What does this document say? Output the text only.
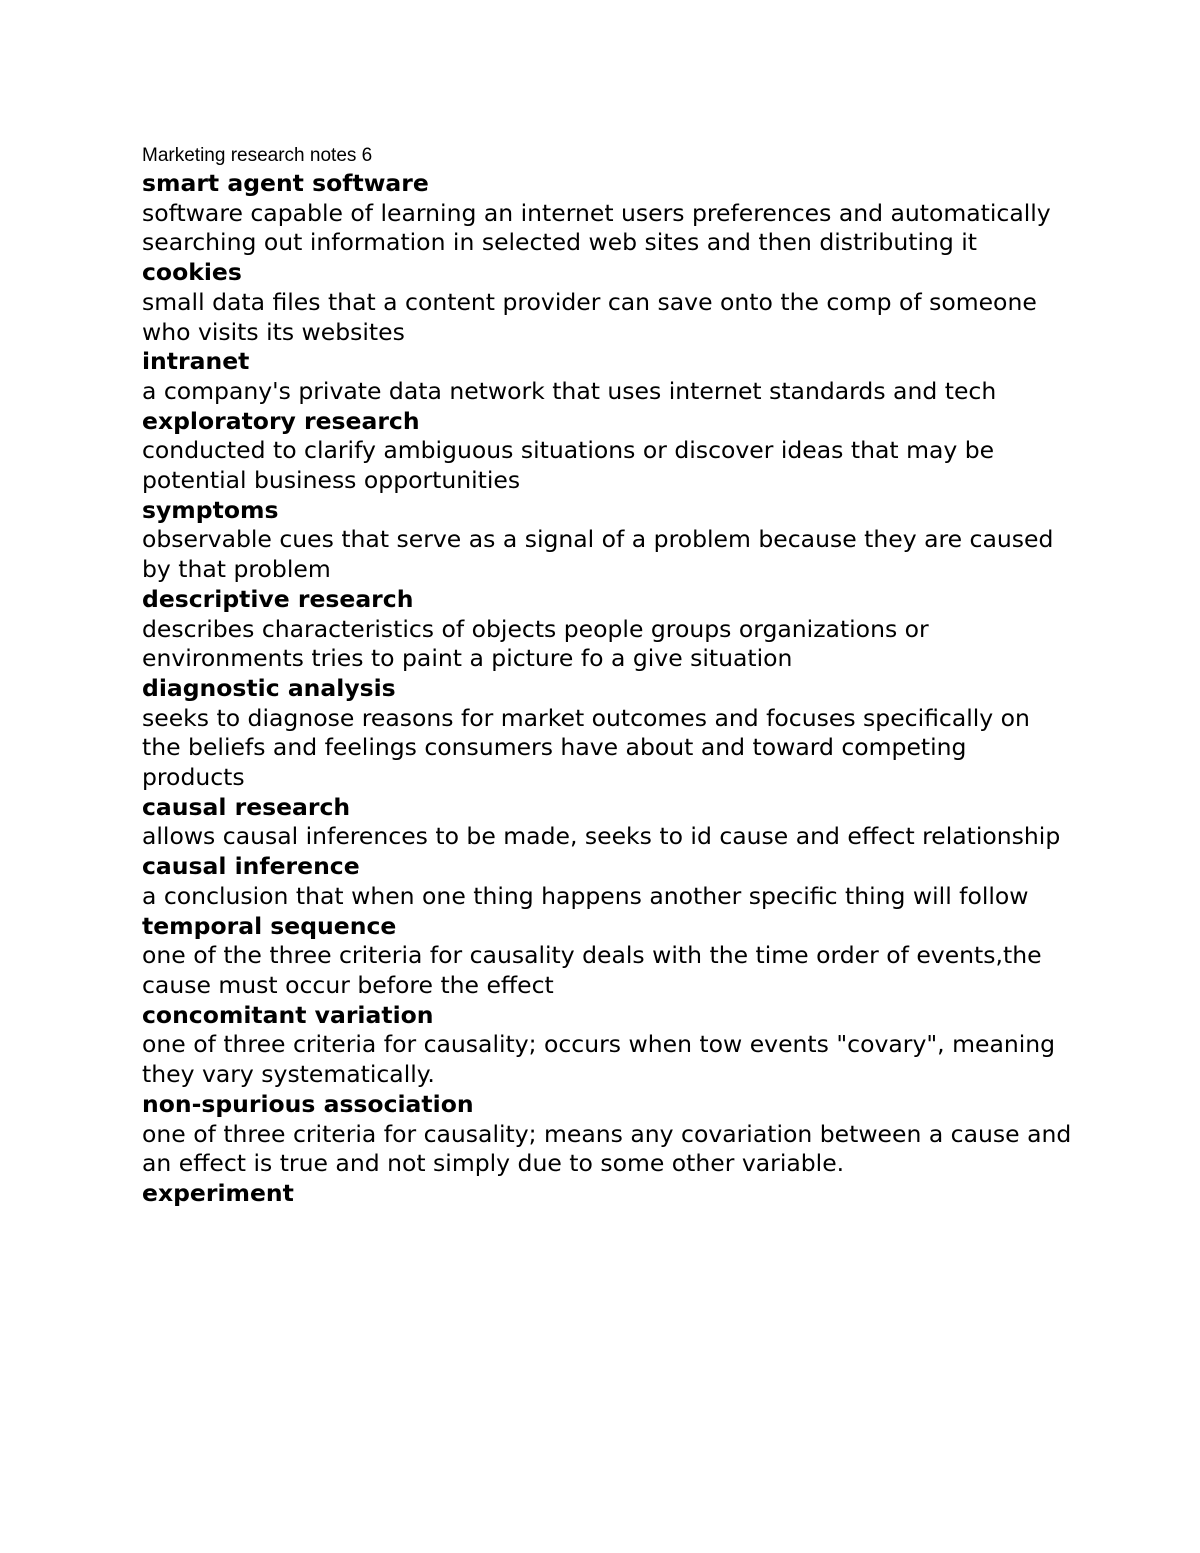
Marketing research notes 6
smart agent software
software capable of learning an internet users preferences and automatically searching out information in selected web sites and then distributing it
cookies
small data files that a content provider can save onto the comp of someone who visits its websites
intranet
a company's private data network that uses internet standards and tech
exploratory research
conducted to clarify ambiguous situations or discover ideas that may be potential business opportunities
symptoms
observable cues that serve as a signal of a problem because they are caused by that problem
descriptive research
describes characteristics of objects people groups organizations or environments tries to paint a picture fo a give situation
diagnostic analysis
seeks to diagnose reasons for market outcomes and focuses specifically on the beliefs and feelings consumers have about and toward competing products
causal research
allows causal inferences to be made, seeks to id cause and effect relationship
causal inference
a conclusion that when one thing happens another specific thing will follow
temporal sequence
one of the three criteria for causality deals with the time order of events,the cause must occur before the effect
concomitant variation
one of three criteria for causality; occurs when tow events "covary", meaning they vary systematically.
non-spurious association
one of three criteria for causality; means any covariation between a cause and an effect is true and not simply due to some other variable.
experiment
